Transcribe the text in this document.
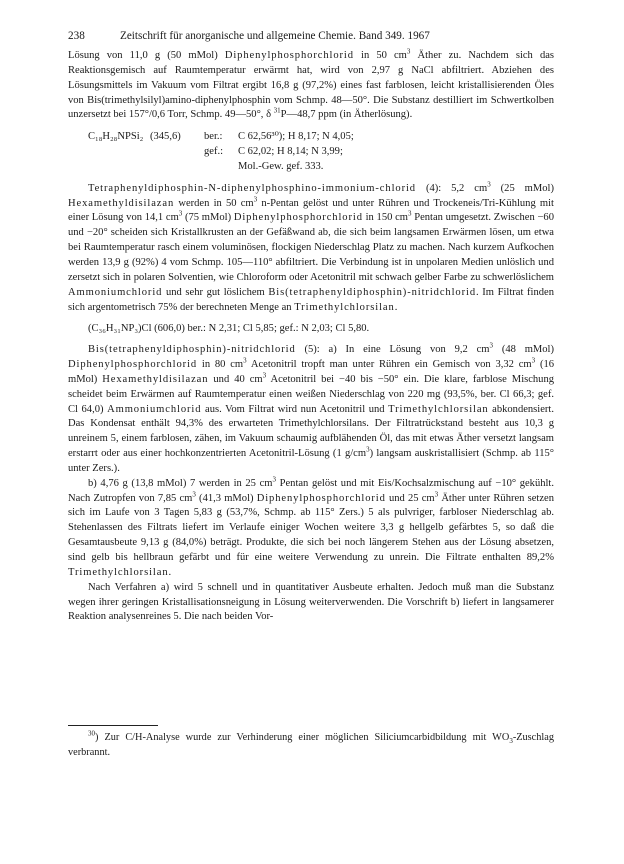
238	Zeitschrift für anorganische und allgemeine Chemie. Band 349. 1967

Lösung von 11,0 g (50 mMol) Diphenylphosphorchlorid in 50 $cm^3$ Äther zu. Nachdem sich das Reaktionsgemisch auf Raumtemperatur erwärmt hat, wird von 2,97 g NaCl abfiltriert. Abziehen des Lösungsmittels im Vakuum vom Filtrat ergibt 16,8 g (97,2%) eines fast farblosen, leicht kristallisierenden Öles von Bis(trimethylsilyl)amino-diphenylphosphin vom Schmp. 48—50°. Die Substanz destilliert im Schwertkolben unzersetzt bei 157°/0,6 Torr, Schmp. 49—50°, δ $^{31}$P—48,7 ppm (in Ätherlösung).

C₁₈H₂₈NPSi₂ (345,6)	ber.:
gef.:
C 62,56³⁰); H 8,17; N 4,05;
C 62,02; H 8,14; N 3,99;
Mol.-Gew. gef. 333.

Tetraphenyldiphosphin-N-diphenylphosphino-immonium-chlorid (4): 5,2 $cm^3$ (25 mMol) Hexamethyldisilazan werden in 50 $cm^3$ n-Pentan gelöst und unter Rühren und Trockeneis/Tri-Kühlung mit einer Lösung von 14,1 $cm^3$ (75 mMol) Diphenylphosphorchlorid in 150 $cm^3$ Pentan umgesetzt. Zwischen −60 und −20° scheiden sich Kristallkrusten an der Gefäßwand ab, die sich beim langsamen Erwärmen lösen, um etwa bei Raumtemperatur rasch einem voluminösen, flockigen Niederschlag Platz zu machen. Nach kurzem Aufkochen werden 13,9 g (92%) 4 vom Schmp. 105—110° abfiltriert. Die Verbindung ist in unpolaren Medien unlöslich und zersetzt sich in polaren Solventien, wie Chloroform oder Acetonitril mit schwach gelber Farbe zu schwerlöslichem Ammoniumchlorid und sehr gut löslichem Bis(tetraphenyldiphosphin)-nitridchlorid. Im Filtrat finden sich argentometrisch 75% der berechneten Menge an Trimethylchlorsilan.

(C₃₆H₃₁NP₃)Cl (606,0) ber.: N 2,31; Cl 5,85; gef.: N 2,03; Cl 5,80.

Bis(tetraphenyldiphosphin)-nitridchlorid (5): a) In eine Lösung von 9,2 $cm^3$ (48 mMol) Diphenylphosphorchlorid in 80 $cm^3$ Acetonitril tropft man unter Rühren ein Gemisch von 3,32 $cm^3$ (16 mMol) Hexamethyldisilazan und 40 $cm^3$ Acetonitril bei −40 bis −50° ein. Die klare, farblose Mischung scheidet beim Erwärmen auf Raumtemperatur einen weißen Niederschlag von 220 mg (93,5%, ber. Cl 66,3; gef. Cl 64,0) Ammoniumchlorid aus. Vom Filtrat wird nun Acetonitril und Trimethylchlorsilan abkondensiert. Das Kondensat enthält 94,3% des erwarteten Trimethylchlorsilans. Der Filtratrückstand besteht aus 10,3 g unreinem 5, einem farblosen, zähen, im Vakuum schaumig aufblähenden Öl, das mit etwas Äther versetzt langsam erstarrt oder aus einer hochkonzentrierten Acetonitril-Lösung (1 $g/cm^3$) langsam auskristallisiert (Schmp. ab 115° unter Zers.).

b) 4,76 g (13,8 mMol) 7 werden in 25 $cm^3$ Pentan gelöst und mit Eis/Kochsalzmischung auf −10° gekühlt. Nach Zutropfen von 7,85 $cm^3$ (41,3 mMol) Diphenylphosphorchlorid und 25 $cm^3$ Äther unter Rühren setzen sich im Laufe von 3 Tagen 5,83 g (53,7%, Schmp. ab 115° Zers.) 5 als pulvriger, farbloser Niederschlag ab. Stehenlassen des Filtrats liefert im Verlaufe einiger Wochen weitere 3,3 g hellgelb gefärbtes 5, so daß die Gesamtausbeute 9,13 g (84,0%) beträgt. Produkte, die sich bei noch längerem Stehen aus der Lösung absetzen, sind gelb bis hellbraun gefärbt und für eine weitere Verwendung zu unrein. Die Filtrate enthalten 89,2% Trimethylchlorsilan.

Nach Verfahren a) wird 5 schnell und in quantitativer Ausbeute erhalten. Jedoch muß man die Substanz wegen ihrer geringen Kristallisationsneigung in Lösung weiterverwenden. Die Vorschrift b) liefert in langsamerer Reaktion analysenreines 5. Die nach beiden Vor-

$^{30}$) Zur C/H-Analyse wurde zur Verhinderung einer möglichen Siliciumcarbidbildung mit $WO_3$-Zuschlag verbrannt.
